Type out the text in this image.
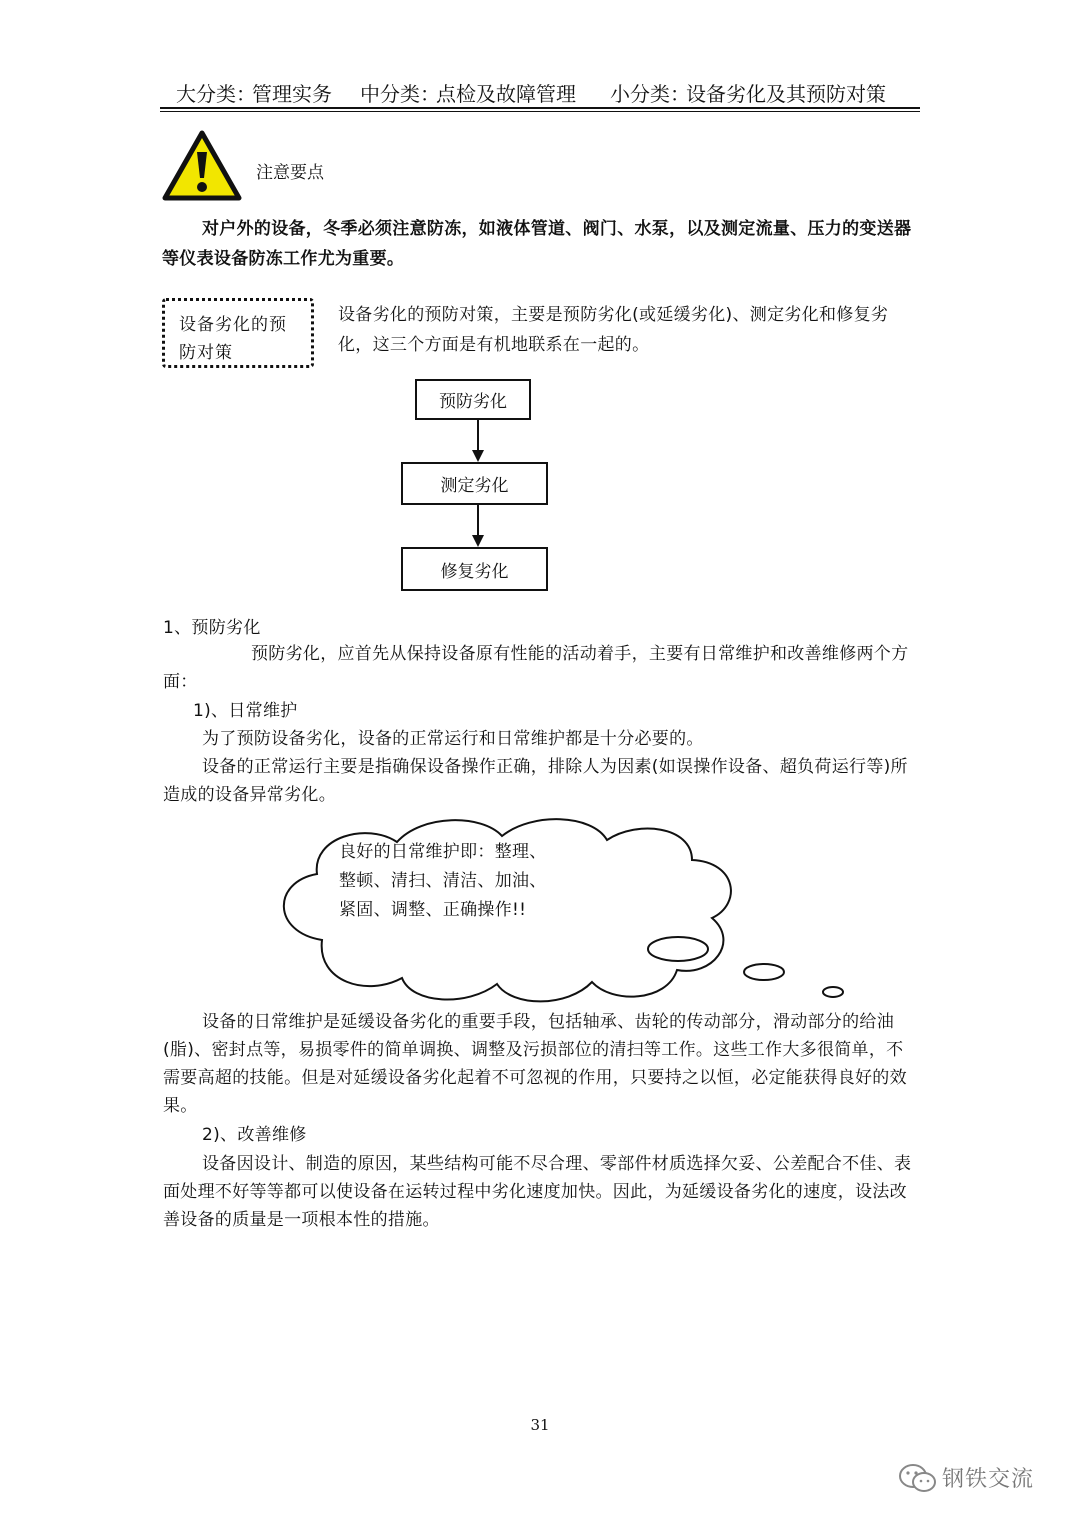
大分类：
管理实务 中分类：
点检及故障管理 小分类：
设备劣化及其预防对策
注意要点
对户外的设备，冬季必须注意防冻，如液体管道、阀门、水泵，以及测定流量、压力的变送器等仪表设备防冻工作尤为重要。
设备劣化的预
防对策
设备劣化的预防对策，主要是预防劣化(或延缓劣化)、测定劣化和修复劣化，这三个方面是有机地联系在一起的。
预防劣化
测定劣化
修复劣化
1、预防劣化
预防劣化，应首先从保持设备原有性能的活动着手，主要有日常维护和改善维修两个方面：
1)、日常维护
为了预防设备劣化，设备的正常运行和日常维护都是十分必要的。
设备的正常运行主要是指确保设备操作正确，排除人为因素(如误操作设备、超负荷运行等)所造成的设备异常劣化。
良好的日常维护即：整理、
整顿、清扫、清洁、加油、
紧固、调整、正确操作!!
设备的日常维护是延缓设备劣化的重要手段，包括轴承、齿轮的传动部分，滑动部分的给油(脂)、密封点等，易损零件的简单调换、调整及污损部位的清扫等工作。这些工作大多很简单，不需要高超的技能。但是对延缓设备劣化起着不可忽视的作用，只要持之以恒，必定能获得良好的效果。
2)、改善维修
设备因设计、制造的原因，某些结构可能不尽合理、零部件材质选择欠妥、公差配合不佳、表面处理不好等等都可以使设备在运转过程中劣化速度加快。因此，为延缓设备劣化的速度，设法改善设备的质量是一项根本性的措施。
31
钢铁交流
